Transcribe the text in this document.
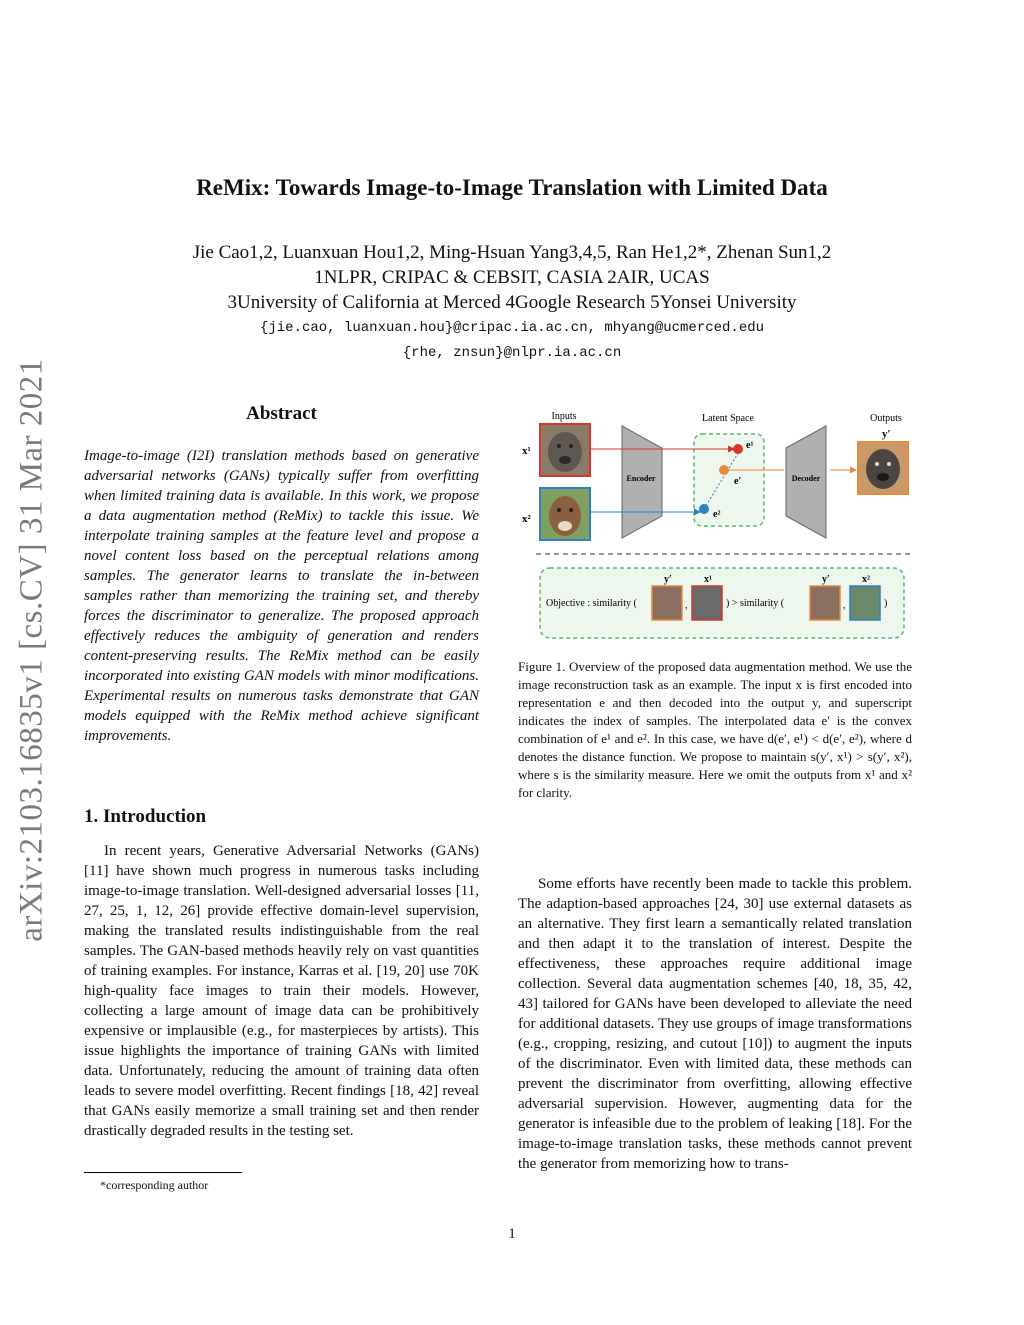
arXiv:2103.16835v1 [cs.CV] 31 Mar 2021
ReMix: Towards Image-to-Image Translation with Limited Data
Jie Cao1,2, Luanxuan Hou1,2, Ming-Hsuan Yang3,4,5, Ran He1,2*, Zhenan Sun1,2
1NLPR, CRIPAC & CEBSIT, CASIA 2AIR, UCAS
3University of California at Merced 4Google Research 5Yonsei University
{jie.cao, luanxuan.hou}@cripac.ia.ac.cn, mhyang@ucmerced.edu
{rhe, znsun}@nlpr.ia.ac.cn
Abstract
Image-to-image (I2I) translation methods based on generative adversarial networks (GANs) typically suffer from overfitting when limited training data is available. In this work, we propose a data augmentation method (ReMix) to tackle this issue. We interpolate training samples at the feature level and propose a novel content loss based on the perceptual relations among samples. The generator learns to translate the in-between samples rather than memorizing the training set, and thereby forces the discriminator to generalize. The proposed approach effectively reduces the ambiguity of generation and renders content-preserving results. The ReMix method can be easily incorporated into existing GAN models with minor modifications. Experimental results on numerous tasks demonstrate that GAN models equipped with the ReMix method achieve significant improvements.
1. Introduction
In recent years, Generative Adversarial Networks (GANs) [11] have shown much progress in numerous tasks including image-to-image translation. Well-designed adversarial losses [11, 27, 25, 1, 12, 26] provide effective domain-level supervision, making the translated results indistinguishable from the real samples. The GAN-based methods heavily rely on vast quantities of training examples. For instance, Karras et al. [19, 20] use 70K high-quality face images to train their models. However, collecting a large amount of image data can be prohibitively expensive or implausible (e.g., for masterpieces by artists). This issue highlights the importance of training GANs with limited data. Unfortunately, reducing the amount of training data often leads to severe model overfitting. Recent findings [18, 42] reveal that GANs easily memorize a small training set and then render drastically degraded results in the testing set.
*corresponding author
Inputs	Latent Space	Outputs
x¹
x²
y′
Encoder
e¹
e′
e²
Decoder
y′	x¹	y′	x²
Objective : similarity (	,	) > similarity (	,	)
Figure 1. Overview of the proposed data augmentation method. We use the image reconstruction task as an example. The input x is first encoded into representation e and then decoded into the output y, and superscript indicates the index of samples. The interpolated data e′ is the convex combination of e¹ and e². In this case, we have d(e′, e¹) < d(e′, e²), where d denotes the distance function. We propose to maintain s(y′, x¹) > s(y′, x²), where s is the similarity measure. Here we omit the outputs from x¹ and x² for clarity.
Some efforts have recently been made to tackle this problem. The adaption-based approaches [24, 30] use external datasets as an alternative. They first learn a semantically related translation and then adapt it to the translation of interest. Despite the effectiveness, these approaches require additional image collection. Several data augmentation schemes [40, 18, 35, 42, 43] tailored for GANs have been developed to alleviate the need for additional datasets. They use groups of image transformations (e.g., cropping, resizing, and cutout [10]) to augment the inputs of the discriminator. Even with limited data, these methods can prevent the discriminator from overfitting, allowing effective adversarial supervision. However, augmenting data for the generator is infeasible due to the problem of leaking [18]. For the image-to-image translation tasks, these methods cannot prevent the generator from memorizing how to trans-
1
